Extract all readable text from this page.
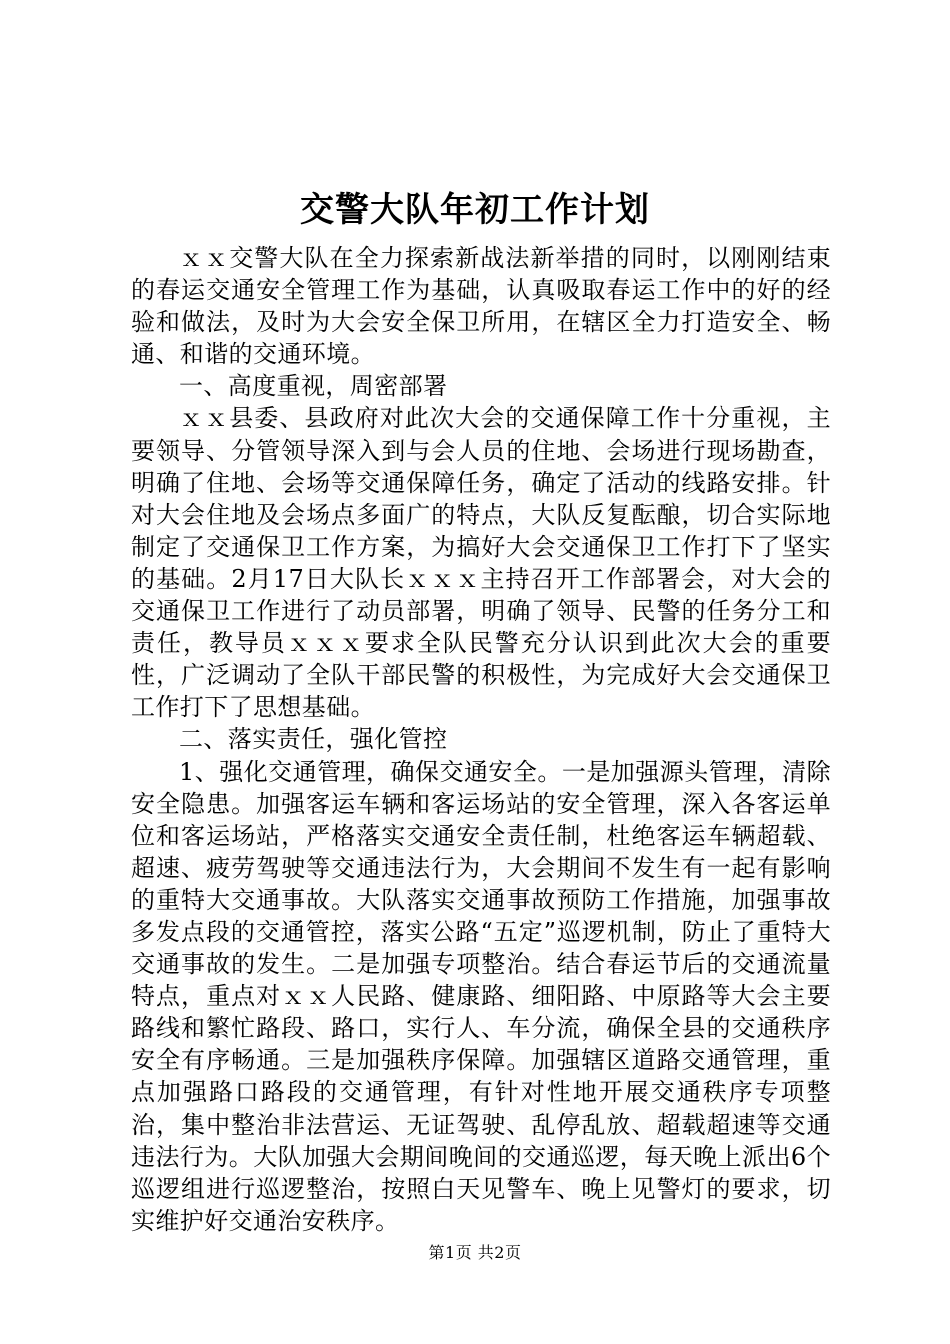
交警大队年初工作计划

ｘｘ交警大队在全力探索新战法新举措的同时，以刚刚结束的春运交通安全管理工作为基础，认真吸取春运工作中的好的经验和做法，及时为大会安全保卫所用，在辖区全力打造安全、畅通、和谐的交通环境。

一、高度重视，周密部署

ｘｘ县委、县政府对此次大会的交通保障工作十分重视，主要领导、分管领导深入到与会人员的住地、会场进行现场勘查，明确了住地、会场等交通保障任务，确定了活动的线路安排。针对大会住地及会场点多面广的特点，大队反复酝酿，切合实际地制定了交通保卫工作方案，为搞好大会交通保卫工作打下了坚实的基础。2月17日大队长ｘｘｘ主持召开工作部署会，对大会的交通保卫工作进行了动员部署，明确了领导、民警的任务分工和责任，教导员ｘｘｘ要求全队民警充分认识到此次大会的重要性，广泛调动了全队干部民警的积极性，为完成好大会交通保卫工作打下了思想基础。

二、落实责任，强化管控

1、强化交通管理，确保交通安全。一是加强源头管理，清除安全隐患。加强客运车辆和客运场站的安全管理，深入各客运单位和客运场站，严格落实交通安全责任制，杜绝客运车辆超载、超速、疲劳驾驶等交通违法行为，大会期间不发生有一起有影响的重特大交通事故。大队落实交通事故预防工作措施，加强事故多发点段的交通管控，落实公路“五定”巡逻机制，防止了重特大交通事故的发生。二是加强专项整治。结合春运节后的交通流量特点，重点对ｘｘ人民路、健康路、细阳路、中原路等大会主要路线和繁忙路段、路口，实行人、车分流，确保全县的交通秩序安全有序畅通。三是加强秩序保障。加强辖区道路交通管理，重点加强路口路段的交通管理，有针对性地开展交通秩序专项整治，集中整治非法营运、无证驾驶、乱停乱放、超载超速等交通违法行为。大队加强大会期间晚间的交通巡逻，每天晚上派出6个巡逻组进行巡逻整治，按照白天见警车、晚上见警灯的要求，切实维护好交通治安秩序。

第1页 共2页
